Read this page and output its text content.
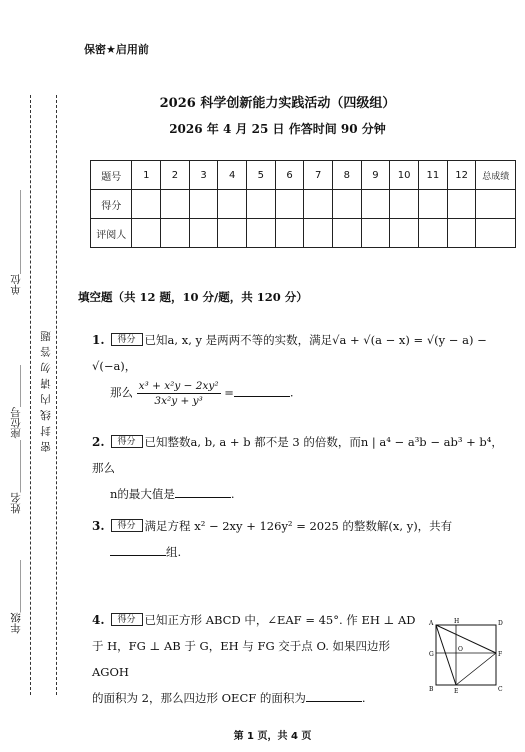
年级＿＿＿＿＿
姓名＿＿＿＿＿
座位号＿＿＿＿
单位＿＿＿＿＿＿＿＿
密 封 线 内 请 勿 答 题
保密★启用前
2026 科学创新能力实践活动（四级组）
2026 年 4 月 25 日 作答时间 90 分钟
题号	1	2	3	4	5	6	7	8	9	10	11	12	总成绩
得分													
评阅人													
填空题（共 12 题，10 分/题，共 120 分）
1. 得分 已知a, x, y 是两两不等的实数，满足√a + √(a − x) = √(y − a) − √(−a)，
那么 $\frac{\text{x³ + x²y − 2xy²}}{\text{3x²y + y³}}$ =	.
2. 得分 已知整数a, b, a + b 都不是 3 的倍数，而n | a⁴ − a³b − ab³ + b⁴，那么
n的最大值是	.
3. 得分 满足方程 x² − 2xy + 126y² = 2025 的整数解(x, y)，共有
组.
4. 得分 已知正方形 ABCD 中，∠EAF = 45°. 作 EH ⊥ AD
于 H，FG ⊥ AB 于 G，EH 与 FG 交于点 O. 如果四边形 AGOH
的面积为 2，那么四边形 OECF 的面积为	.
A	H	D
G
O
F
B	E	C
第 1 页，共 4 页
